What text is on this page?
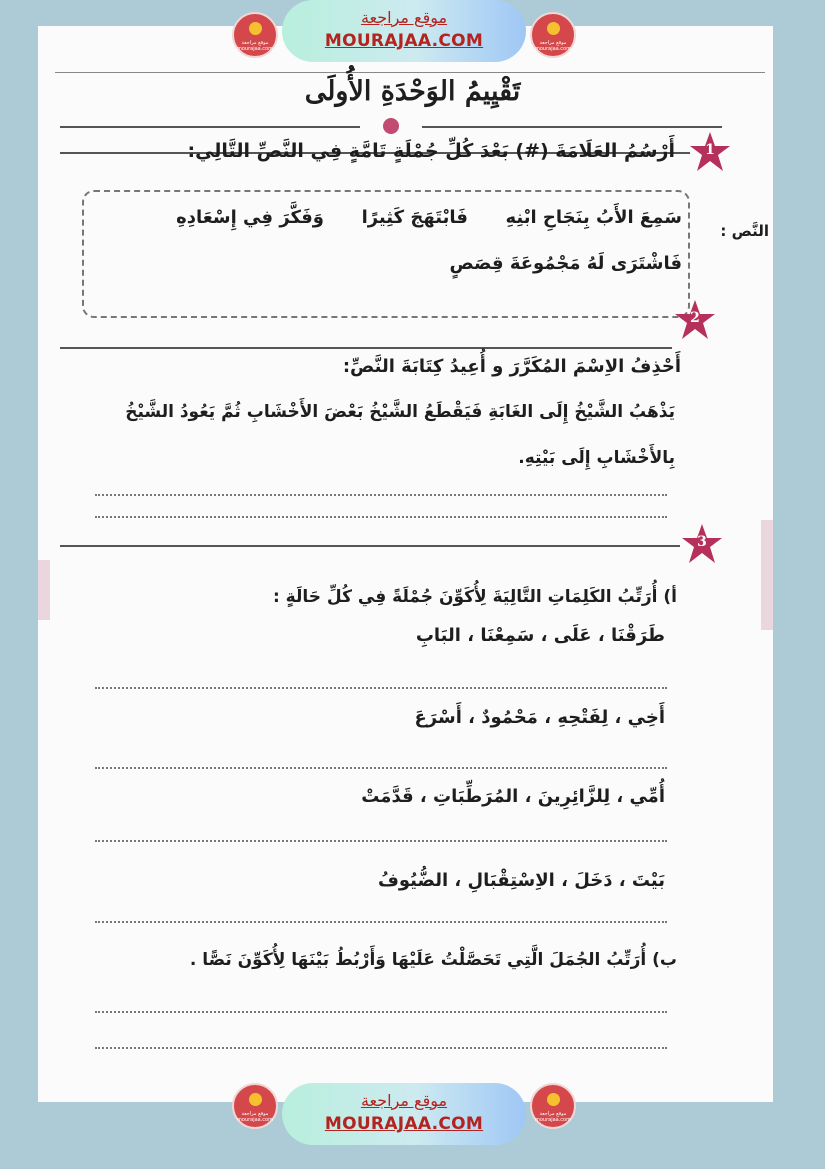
موقع مراجعة
mourajaa.com
موقع مراجعة
MOURAJAA.COM	موقع مراجعة
mourajaa.com
تَقْيِيمُ الوَحْدَةِ الأُولَى
1
أَرْسُمُ العَلَامَةَ (#) بَعْدَ كُلِّ جُمْلَةٍ تَامَّةٍ فِي النَّصِّ التَّالِي:
النَّص :
سَمِعَ الأَبُ بِنَجَاحِ ابْنِهِ      فَابْتَهَجَ كَثِيرًا      وَفَكَّرَ فِي إِسْعَادِهِ
فَاشْتَرَى لَهُ مَجْمُوعَةَ قِصَصٍ
2
أَحْذِفُ الاِسْمَ المُكَرَّرَ و أُعِيدُ كِتَابَةَ النَّصِّ:
يَذْهَبُ الشَّيْخُ إِلَى الغَابَةِ فَيَقْطَعُ الشَّيْخُ بَعْضَ الأَخْشَابِ ثُمَّ يَعُودُ الشَّيْخُ
بِالأَخْشَابِ إِلَى بَيْتِهِ.
3
أ) أُرَتِّبُ الكَلِمَاتِ التَّالِيَةَ لِأُكَوِّنَ جُمْلَةً فِي كُلِّ حَالَةٍ :
طَرَقْنَا ، عَلَى ، سَمِعْنَا ، البَابِ
أَخِي ، لِفَتْحِهِ ، مَحْمُودٌ ، أَسْرَعَ
أُمِّي ، لِلزَّائِرِينَ ، المُرَطِّبَاتِ ، قَدَّمَتْ
بَيْتَ ، دَخَلَ ، الاِسْتِقْبَالِ ، الضُّيُوفُ
ب) أُرَتِّبُ الجُمَلَ الَّتِي تَحَصَّلْتُ عَلَيْهَا وَأَرْبُطُ بَيْنَهَا لِأُكَوِّنَ نَصًّا .
موقع مراجعة
mourajaa.com
موقع مراجعة
MOURAJAA.COM	موقع مراجعة
mourajaa.com
